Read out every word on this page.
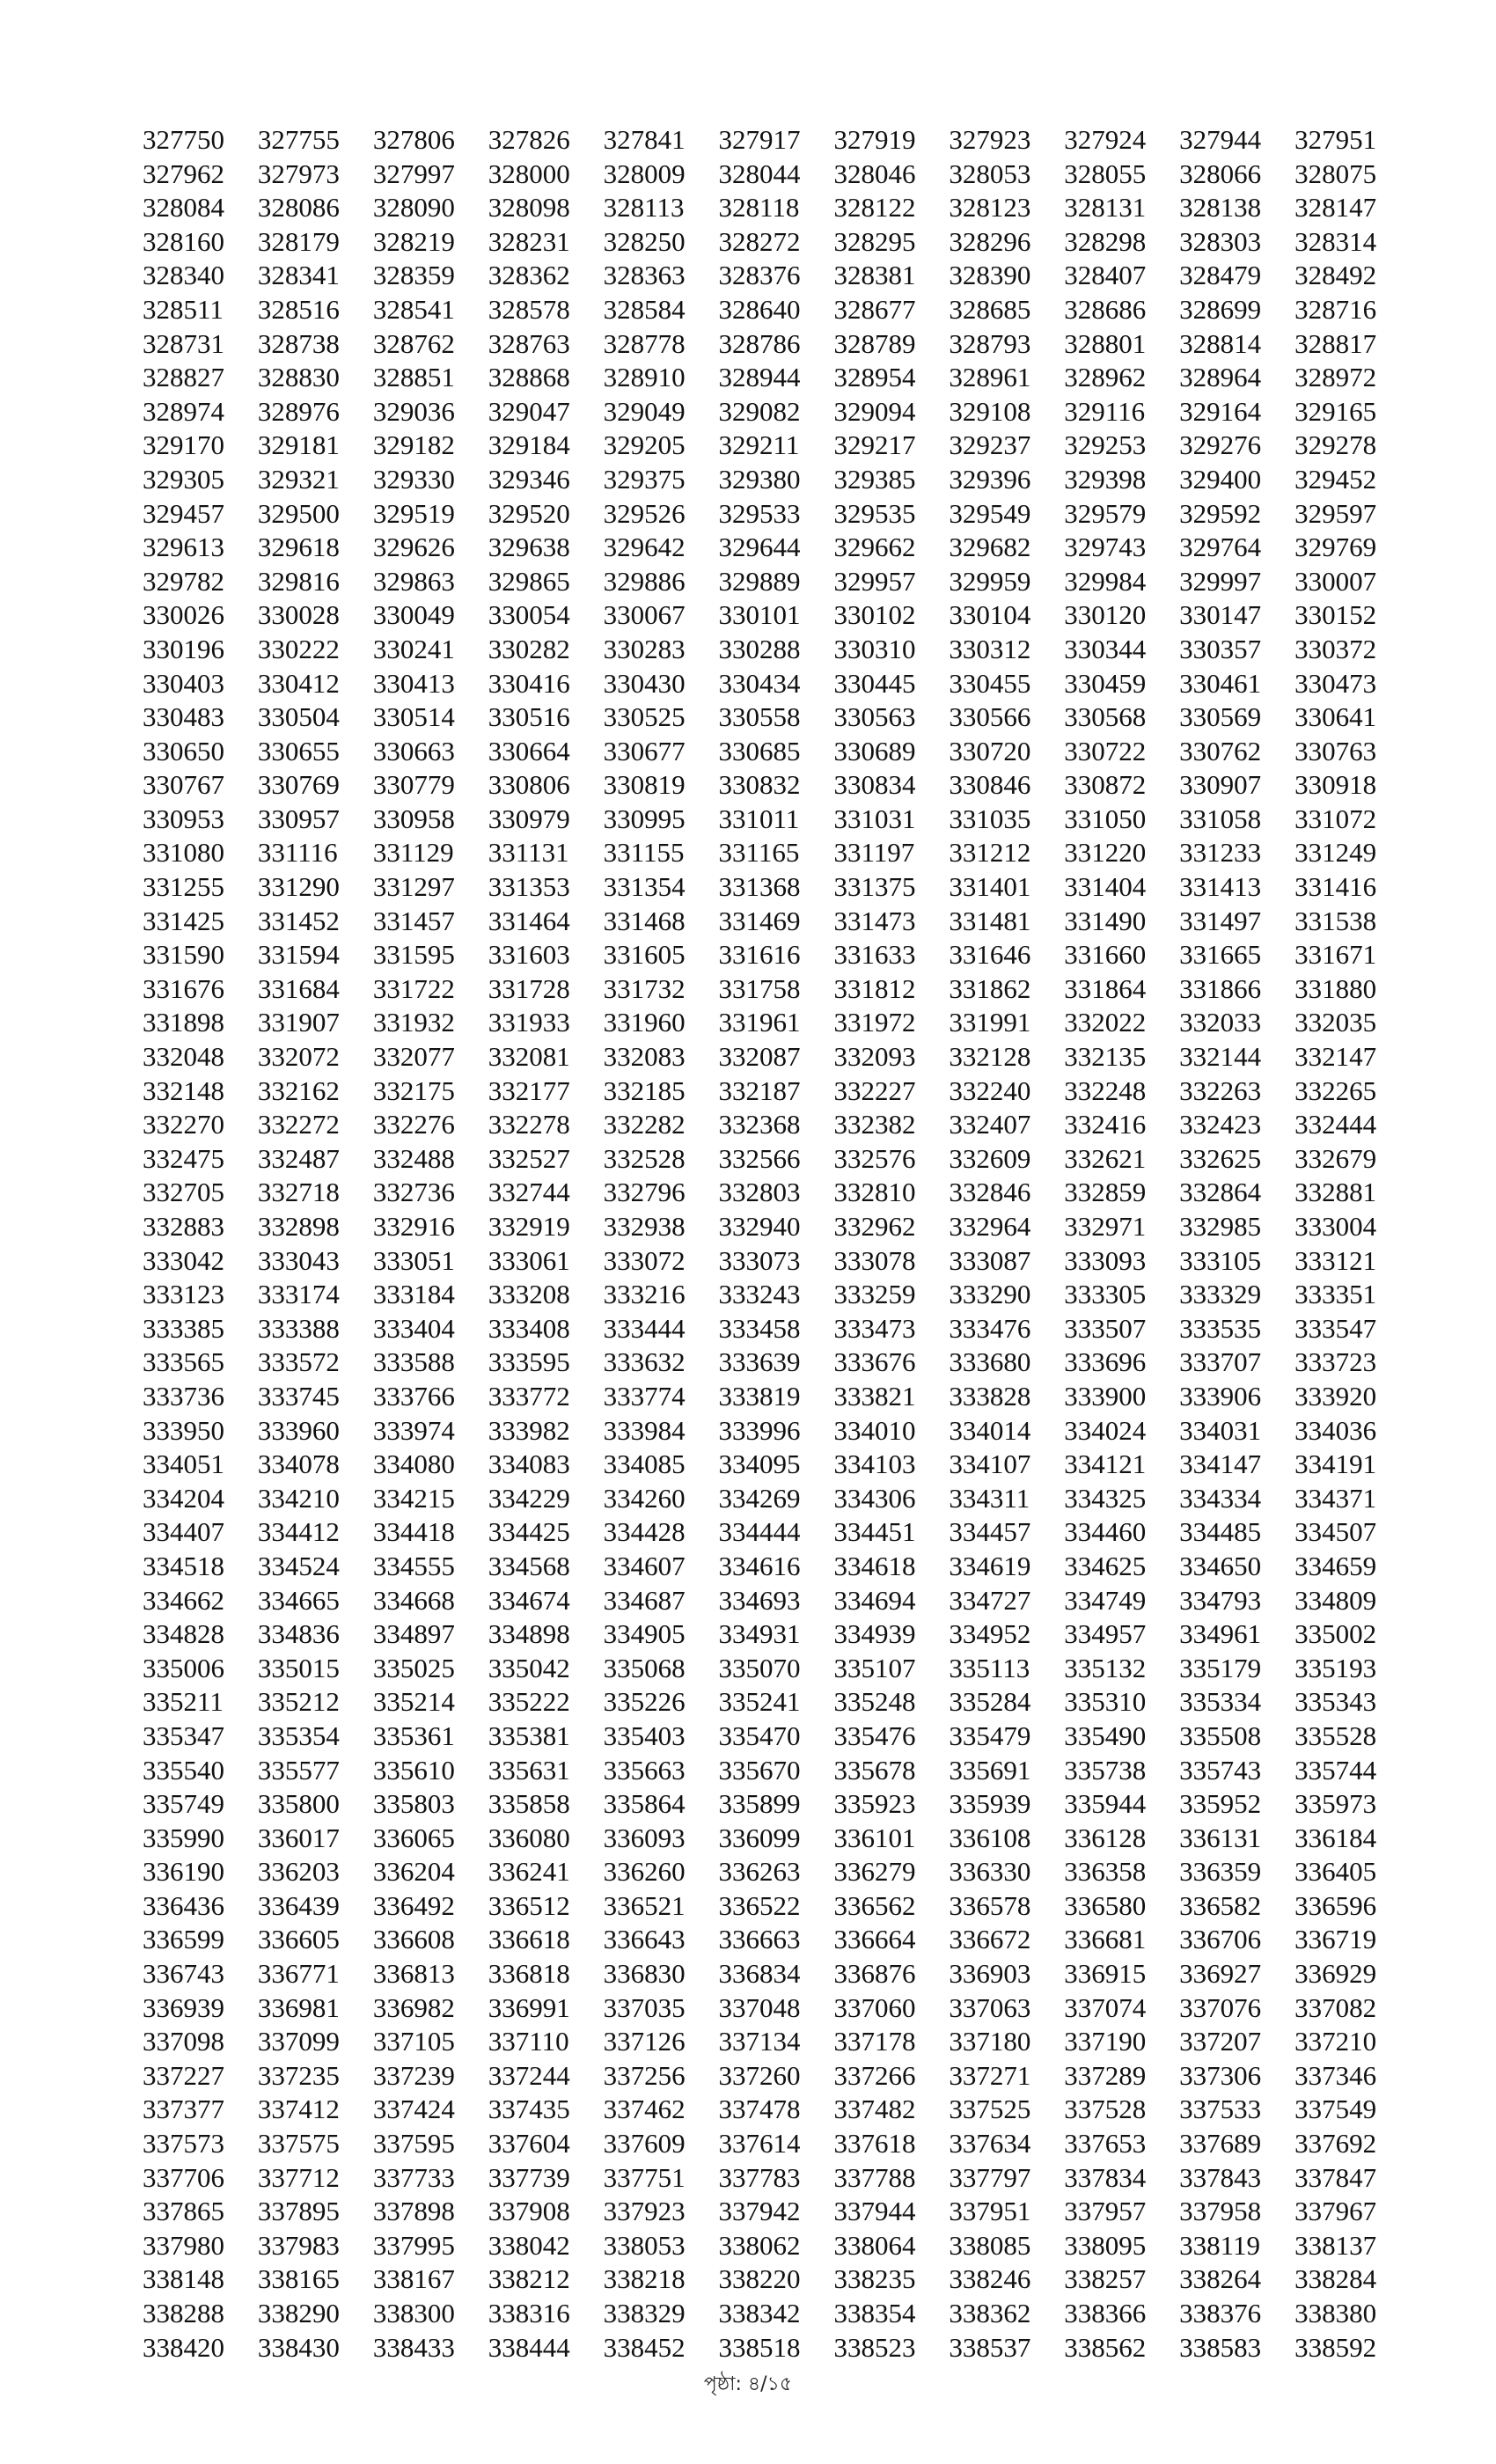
327750	327755	327806	327826	327841	327917	327919	327923	327924	327944	327951
327962	327973	327997	328000	328009	328044	328046	328053	328055	328066	328075
328084	328086	328090	328098	328113	328118	328122	328123	328131	328138	328147
328160	328179	328219	328231	328250	328272	328295	328296	328298	328303	328314
328340	328341	328359	328362	328363	328376	328381	328390	328407	328479	328492
328511	328516	328541	328578	328584	328640	328677	328685	328686	328699	328716
328731	328738	328762	328763	328778	328786	328789	328793	328801	328814	328817
328827	328830	328851	328868	328910	328944	328954	328961	328962	328964	328972
328974	328976	329036	329047	329049	329082	329094	329108	329116	329164	329165
329170	329181	329182	329184	329205	329211	329217	329237	329253	329276	329278
329305	329321	329330	329346	329375	329380	329385	329396	329398	329400	329452
329457	329500	329519	329520	329526	329533	329535	329549	329579	329592	329597
329613	329618	329626	329638	329642	329644	329662	329682	329743	329764	329769
329782	329816	329863	329865	329886	329889	329957	329959	329984	329997	330007
330026	330028	330049	330054	330067	330101	330102	330104	330120	330147	330152
330196	330222	330241	330282	330283	330288	330310	330312	330344	330357	330372
330403	330412	330413	330416	330430	330434	330445	330455	330459	330461	330473
330483	330504	330514	330516	330525	330558	330563	330566	330568	330569	330641
330650	330655	330663	330664	330677	330685	330689	330720	330722	330762	330763
330767	330769	330779	330806	330819	330832	330834	330846	330872	330907	330918
330953	330957	330958	330979	330995	331011	331031	331035	331050	331058	331072
331080	331116	331129	331131	331155	331165	331197	331212	331220	331233	331249
331255	331290	331297	331353	331354	331368	331375	331401	331404	331413	331416
331425	331452	331457	331464	331468	331469	331473	331481	331490	331497	331538
331590	331594	331595	331603	331605	331616	331633	331646	331660	331665	331671
331676	331684	331722	331728	331732	331758	331812	331862	331864	331866	331880
331898	331907	331932	331933	331960	331961	331972	331991	332022	332033	332035
332048	332072	332077	332081	332083	332087	332093	332128	332135	332144	332147
332148	332162	332175	332177	332185	332187	332227	332240	332248	332263	332265
332270	332272	332276	332278	332282	332368	332382	332407	332416	332423	332444
332475	332487	332488	332527	332528	332566	332576	332609	332621	332625	332679
332705	332718	332736	332744	332796	332803	332810	332846	332859	332864	332881
332883	332898	332916	332919	332938	332940	332962	332964	332971	332985	333004
333042	333043	333051	333061	333072	333073	333078	333087	333093	333105	333121
333123	333174	333184	333208	333216	333243	333259	333290	333305	333329	333351
333385	333388	333404	333408	333444	333458	333473	333476	333507	333535	333547
333565	333572	333588	333595	333632	333639	333676	333680	333696	333707	333723
333736	333745	333766	333772	333774	333819	333821	333828	333900	333906	333920
333950	333960	333974	333982	333984	333996	334010	334014	334024	334031	334036
334051	334078	334080	334083	334085	334095	334103	334107	334121	334147	334191
334204	334210	334215	334229	334260	334269	334306	334311	334325	334334	334371
334407	334412	334418	334425	334428	334444	334451	334457	334460	334485	334507
334518	334524	334555	334568	334607	334616	334618	334619	334625	334650	334659
334662	334665	334668	334674	334687	334693	334694	334727	334749	334793	334809
334828	334836	334897	334898	334905	334931	334939	334952	334957	334961	335002
335006	335015	335025	335042	335068	335070	335107	335113	335132	335179	335193
335211	335212	335214	335222	335226	335241	335248	335284	335310	335334	335343
335347	335354	335361	335381	335403	335470	335476	335479	335490	335508	335528
335540	335577	335610	335631	335663	335670	335678	335691	335738	335743	335744
335749	335800	335803	335858	335864	335899	335923	335939	335944	335952	335973
335990	336017	336065	336080	336093	336099	336101	336108	336128	336131	336184
336190	336203	336204	336241	336260	336263	336279	336330	336358	336359	336405
336436	336439	336492	336512	336521	336522	336562	336578	336580	336582	336596
336599	336605	336608	336618	336643	336663	336664	336672	336681	336706	336719
336743	336771	336813	336818	336830	336834	336876	336903	336915	336927	336929
336939	336981	336982	336991	337035	337048	337060	337063	337074	337076	337082
337098	337099	337105	337110	337126	337134	337178	337180	337190	337207	337210
337227	337235	337239	337244	337256	337260	337266	337271	337289	337306	337346
337377	337412	337424	337435	337462	337478	337482	337525	337528	337533	337549
337573	337575	337595	337604	337609	337614	337618	337634	337653	337689	337692
337706	337712	337733	337739	337751	337783	337788	337797	337834	337843	337847
337865	337895	337898	337908	337923	337942	337944	337951	337957	337958	337967
337980	337983	337995	338042	338053	338062	338064	338085	338095	338119	338137
338148	338165	338167	338212	338218	338220	338235	338246	338257	338264	338284
338288	338290	338300	338316	338329	338342	338354	338362	338366	338376	338380
338420	338430	338433	338444	338452	338518	338523	338537	338562	338583	338592
পৃষ্ঠা: ৪/১৫
